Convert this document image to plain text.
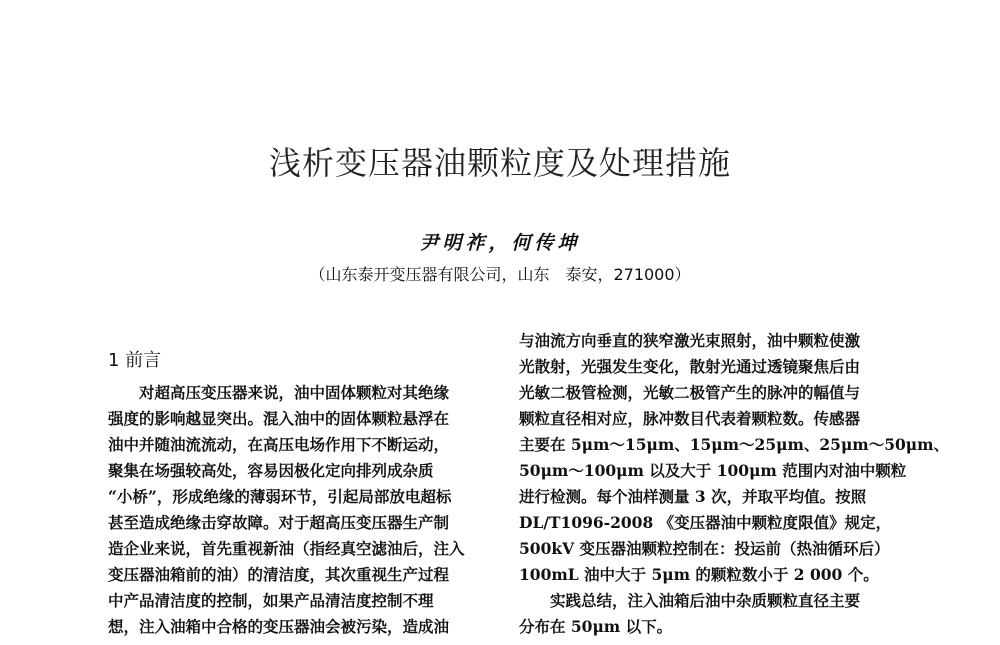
浅析变压器油颗粒度及处理措施
尹明祚，何传坤
（山东泰开变压器有限公司，山东　泰安，271000）
1 前言
　　对超高压变压器来说，油中固体颗粒对其绝缘
强度的影响越显突出。混入油中的固体颗粒悬浮在
油中并随油流流动，在高压电场作用下不断运动，
聚集在场强较高处，容易因极化定向排列成杂质
“小桥”，形成绝缘的薄弱环节，引起局部放电超标
甚至造成绝缘击穿故障。对于超高压变压器生产制
造企业来说，首先重视新油（指经真空滤油后，注入
变压器油箱前的油）的清洁度，其次重视生产过程
中产品清洁度的控制，如果产品清洁度控制不理
想，注入油箱中合格的变压器油会被污染，造成油
与油流方向垂直的狭窄激光束照射，油中颗粒使激
光散射，光强发生变化，散射光通过透镜聚焦后由
光敏二极管检测，光敏二极管产生的脉冲的幅值与
颗粒直径相对应，脉冲数目代表着颗粒数。传感器
主要在 5μm～15μm、15μm～25μm、25μm～50μm、
50μm～100μm 以及大于 100μm 范围内对油中颗粒
进行检测。每个油样测量 3 次，并取平均值。按照
DL/T1096-2008 《变压器油中颗粒度限值》规定，
500kV 变压器油颗粒控制在：投运前（热油循环后）
100mL 油中大于 5μm 的颗粒数小于 2 000 个。
　　实践总结，注入油箱后油中杂质颗粒直径主要
分布在 50μm 以下。
